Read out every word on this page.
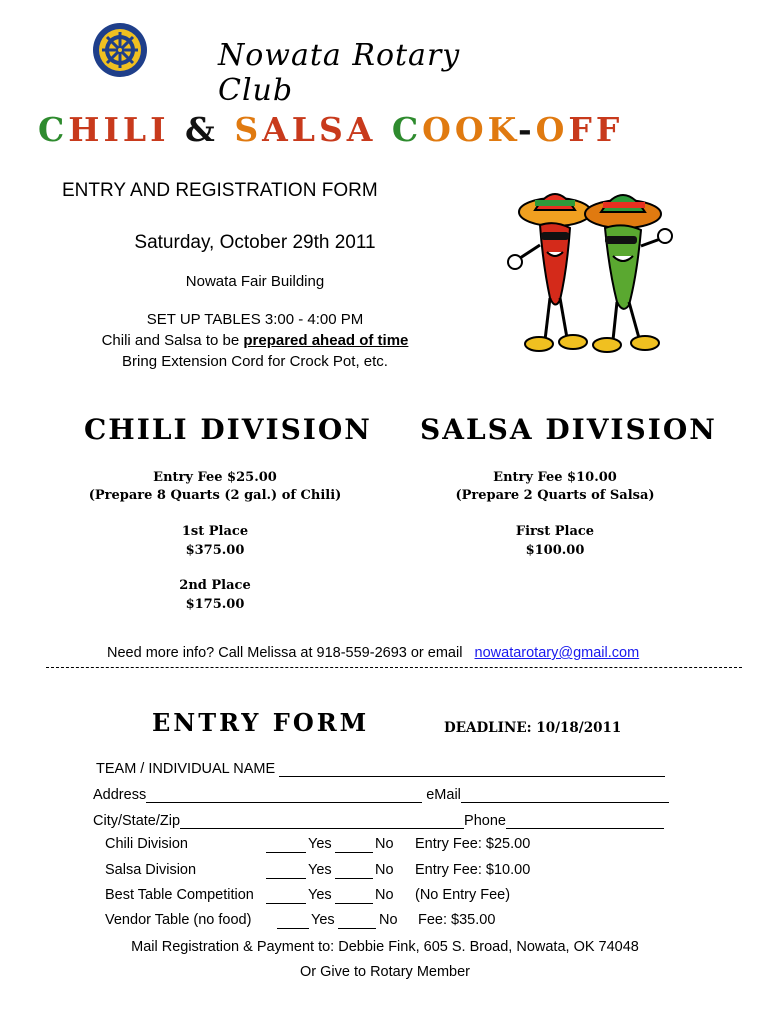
Nowata Rotary Club
CHILI & SALSA COOK-OFF
ENTRY AND REGISTRATION FORM
Saturday, October 29th 2011
Nowata Fair Building
SET UP TABLES 3:00 - 4:00 PM
Chili and Salsa to be prepared ahead of time
Bring Extension Cord for Crock Pot, etc.
CHILI DIVISION
Entry Fee $25.00
(Prepare 8 Quarts (2 gal.) of Chili)
1st Place
$375.00
2nd Place
$175.00
SALSA DIVISION
Entry Fee $10.00
(Prepare 2 Quarts of Salsa)
First Place
$100.00
Need more info? Call Melissa at 918-559-2693 or email nowatarotary@gmail.com
ENTRY FORM	DEADLINE: 10/18/2011
TEAM / INDIVIDUAL NAME
Address	eMail
City/State/Zip	Phone
Chili Division	Yes	No Entry Fee: $25.00
Salsa Division	Yes	No Entry Fee: $10.00
Best Table Competition	Yes	No (No Entry Fee)
Vendor Table (no food)	Yes	No Fee: $35.00
Mail Registration & Payment to: Debbie Fink, 605 S. Broad, Nowata, OK 74048
Or Give to Rotary Member
